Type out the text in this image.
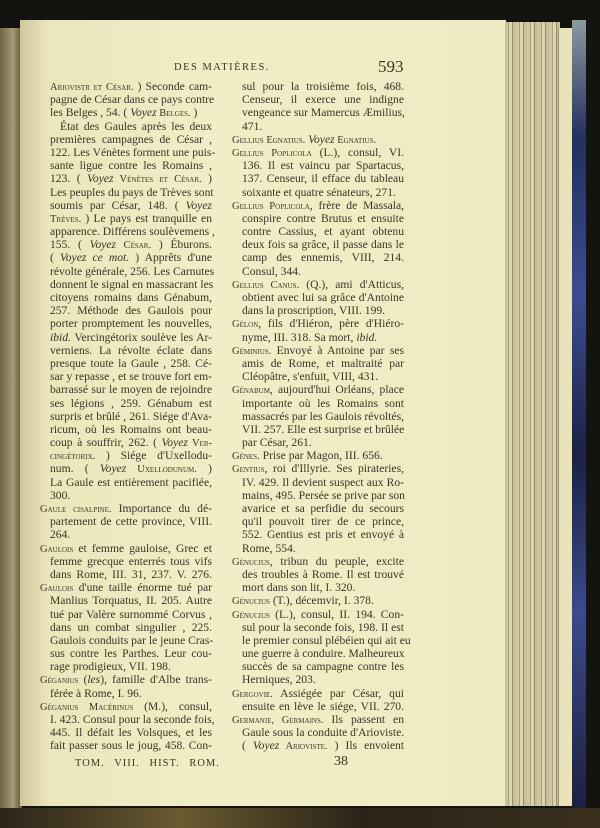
DES MATIÈRES.	593
Ariovistr et César. ) Seconde cam-
pagne de César dans ce pays contre
les Belges , 54. ( Voyez Belges. )
État des Gaules après les deux
premières campagnes de César ,
122. Les Vénètes forment une puis-
sante ligue contre les Romains ,
123. ( Voyez Vénètes et César. )
Les peuples du pays de Trèves sont
soumis par César, 148. ( Voyez
Trèves. ) Le pays est tranquille en
apparence. Différens soulèvemens ,
155. ( Voyez César. ) Éburons.
( Voyez ce mot. ) Apprêts d'une
révolte générale, 256. Les Carnutes
donnent le signal en massacrant les
citoyens romains dans Génabum,
257. Méthode des Gaulois pour
porter promptement les nouvelles,
ibid. Vercingétorix soulève les Ar-
verniens. La révolte éclate dans
presque toute la Gaule , 258. Cé-
sar y repasse , et se trouve fort em-
barrassé sur le moyen de rejoindre
ses légions , 259. Génabum est
surpris et brûlé , 261. Siége d'Ava-
ricum, où les Romains ont beau-
coup à souffrir, 262. ( Voyez Ver-
cingétorix. ) Siége d'Uxellodu-
num. ( Voyez Uxellodunum. )
La Gaule est entièrement pacifiée,
300.
Gaule cisalpine. Importance du dé-
partement de cette province, VIII.
264.
Gaulois et femme gauloise, Grec et
femme grecque enterrés tous vifs
dans Rome, III. 31, 237. V. 276.
Gaulois d'une taille énorme tué par
Manlius Torquatus, II. 205. Autre
tué par Valère surnommé Corvus ,
dans un combat singulier , 225.
Gaulois conduits par le jeune Cras-
sus contre les Parthes. Leur cou-
rage prodigieux, VII. 198.
Géganius (les), famille d'Albe trans-
férée à Rome, I. 96.
Géganius Macérinus (M.), consul,
I. 423. Consul pour la seconde fois,
445. Il défait les Volsques, et les
fait passer sous le joug, 458. Con-
sul pour la troisième fois, 468.
Censeur, il exerce une indigne
vengeance sur Mamercus Æmilius,
471.
Gellius Egnatius. Voyez Egnatius.
Gellius Poplicola (L.), consul, VI.
136. Il est vaincu par Spartacus,
137. Censeur, il efface du tableau
soixante et quatre sénateurs, 271.
Gellius Poplicola, frère de Massala,
conspire contre Brutus et ensuite
contre Cassius, et ayant obtenu
deux fois sa grâce, il passe dans le
camp des ennemis, VIII, 214.
Consul, 344.
Gellius Canus. (Q.), ami d'Atticus,
obtient avec lui sa grâce d'Antoine
dans la proscription, VIII. 199.
Gélon, fils d'Hiéron, père d'Hiéro-
nyme, III. 318. Sa mort, ibid.
Géminius. Envoyé à Antoine par ses
amis de Rome, et maltraité par
Cléopâtre, s'enfuit, VIII, 431.
Génabum, aujourd'hui Orléans, place
importante où les Romains sont
massacrés par les Gaulois révoltés,
VII. 257. Elle est surprise et brûlée
par César, 261.
Gènes. Prise par Magon, III. 656.
Gentius, roi d'Illyrie. Ses pirateries,
IV. 429. Il devient suspect aux Ro-
mains, 495. Persée se prive par son
avarice et sa perfidie du secours
qu'il pouvoit tirer de ce prince,
552. Gentius est pris et envoyé à
Rome, 554.
Génucius, tribun du peuple, excite
des troubles à Rome. Il est trouvé
mort dans son lit, I. 320.
Génucius (T.), décemvir, I. 378.
Génucius (L.), consul, II. 194. Con-
sul pour la seconde fois, 198. Il est
le premier consul plébéien qui ait eu
une guerre à conduire. Malheureux
succès de sa campagne contre les
Herniques, 203.
Gergovie. Assiégée par César, qui
ensuite en lève le siége, VII. 270.
Germanie, Germains. Ils passent en
Gaule sous la conduite d'Arioviste.
( Voyez Arioviste. ) Ils envoient
TOM. VIII. HIST. ROM.	38
